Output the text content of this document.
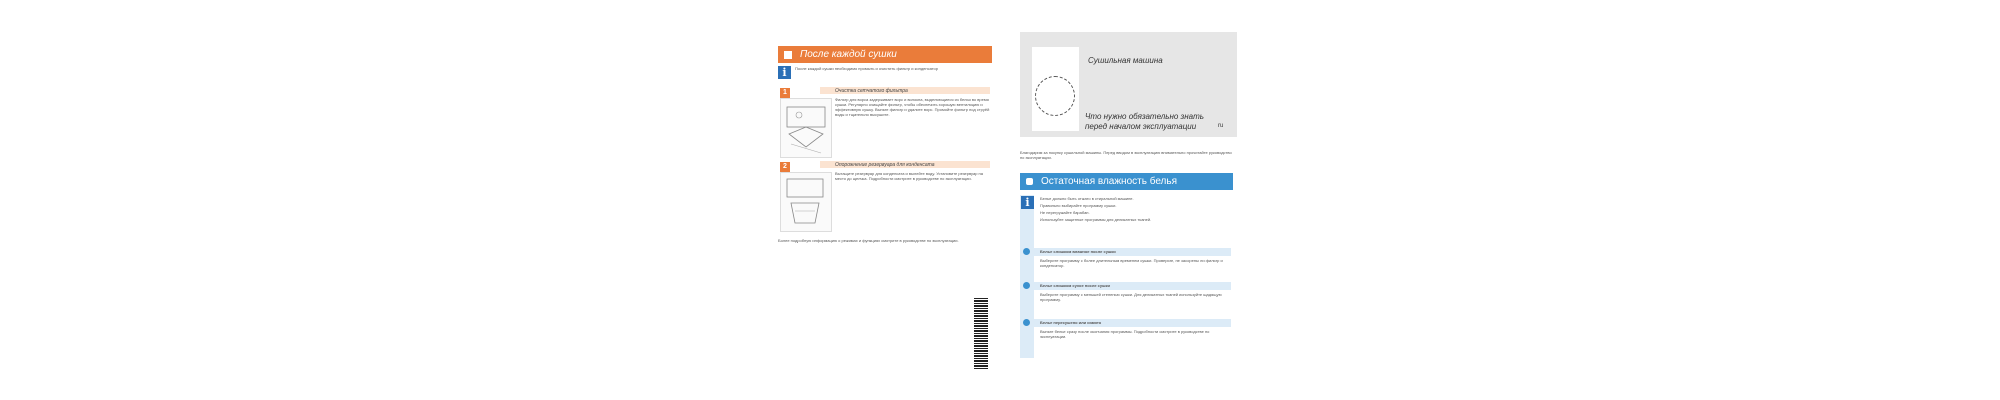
После каждой сушки
i	После каждой сушки необходимо промыть и очистить фильтр и конденсатор
1	Очистка сетчатого фильтра
Фильтр для ворса задерживает ворс и волокна, выделяющиеся из белья во время сушки. Регулярно очищайте фильтр, чтобы обеспечить хорошую вентиляцию и эффективную сушку. Выньте фильтр и удалите ворс. Промойте фильтр под струёй воды и тщательно высушите.
2	Опорожнение резервуара для конденсата
Вытащите резервуар для конденсата и вылейте воду. Установите резервуар на место до щелчка. Подробности смотрите в руководстве по эксплуатации.
Более подробную информацию о режимах и функциях смотрите в руководстве по эксплуатации.
Сушильная машина
Что нужно обязательно знать
перед началом эксплуатации	ru
Благодарим за покупку сушильной машины. Перед вводом в эксплуатацию внимательно прочитайте руководство по эксплуатации.
Остаточная влажность белья
i	Белье должно быть отжато в стиральной машине.
Правильно выбирайте программу сушки.
Не перегружайте барабан.
Используйте защитные программы для деликатных тканей.
Белье слишком влажное после сушки
Выберите программу с более длительным временем сушки. Проверьте, не засорены ли фильтр и конденсатор.
Белье слишком сухое после сушки
Выберите программу с меньшей степенью сушки. Для деликатных тканей используйте щадящую программу.
Белье пересушено или измято
Выньте белье сразу после окончания программы. Подробности смотрите в руководстве по эксплуатации.
